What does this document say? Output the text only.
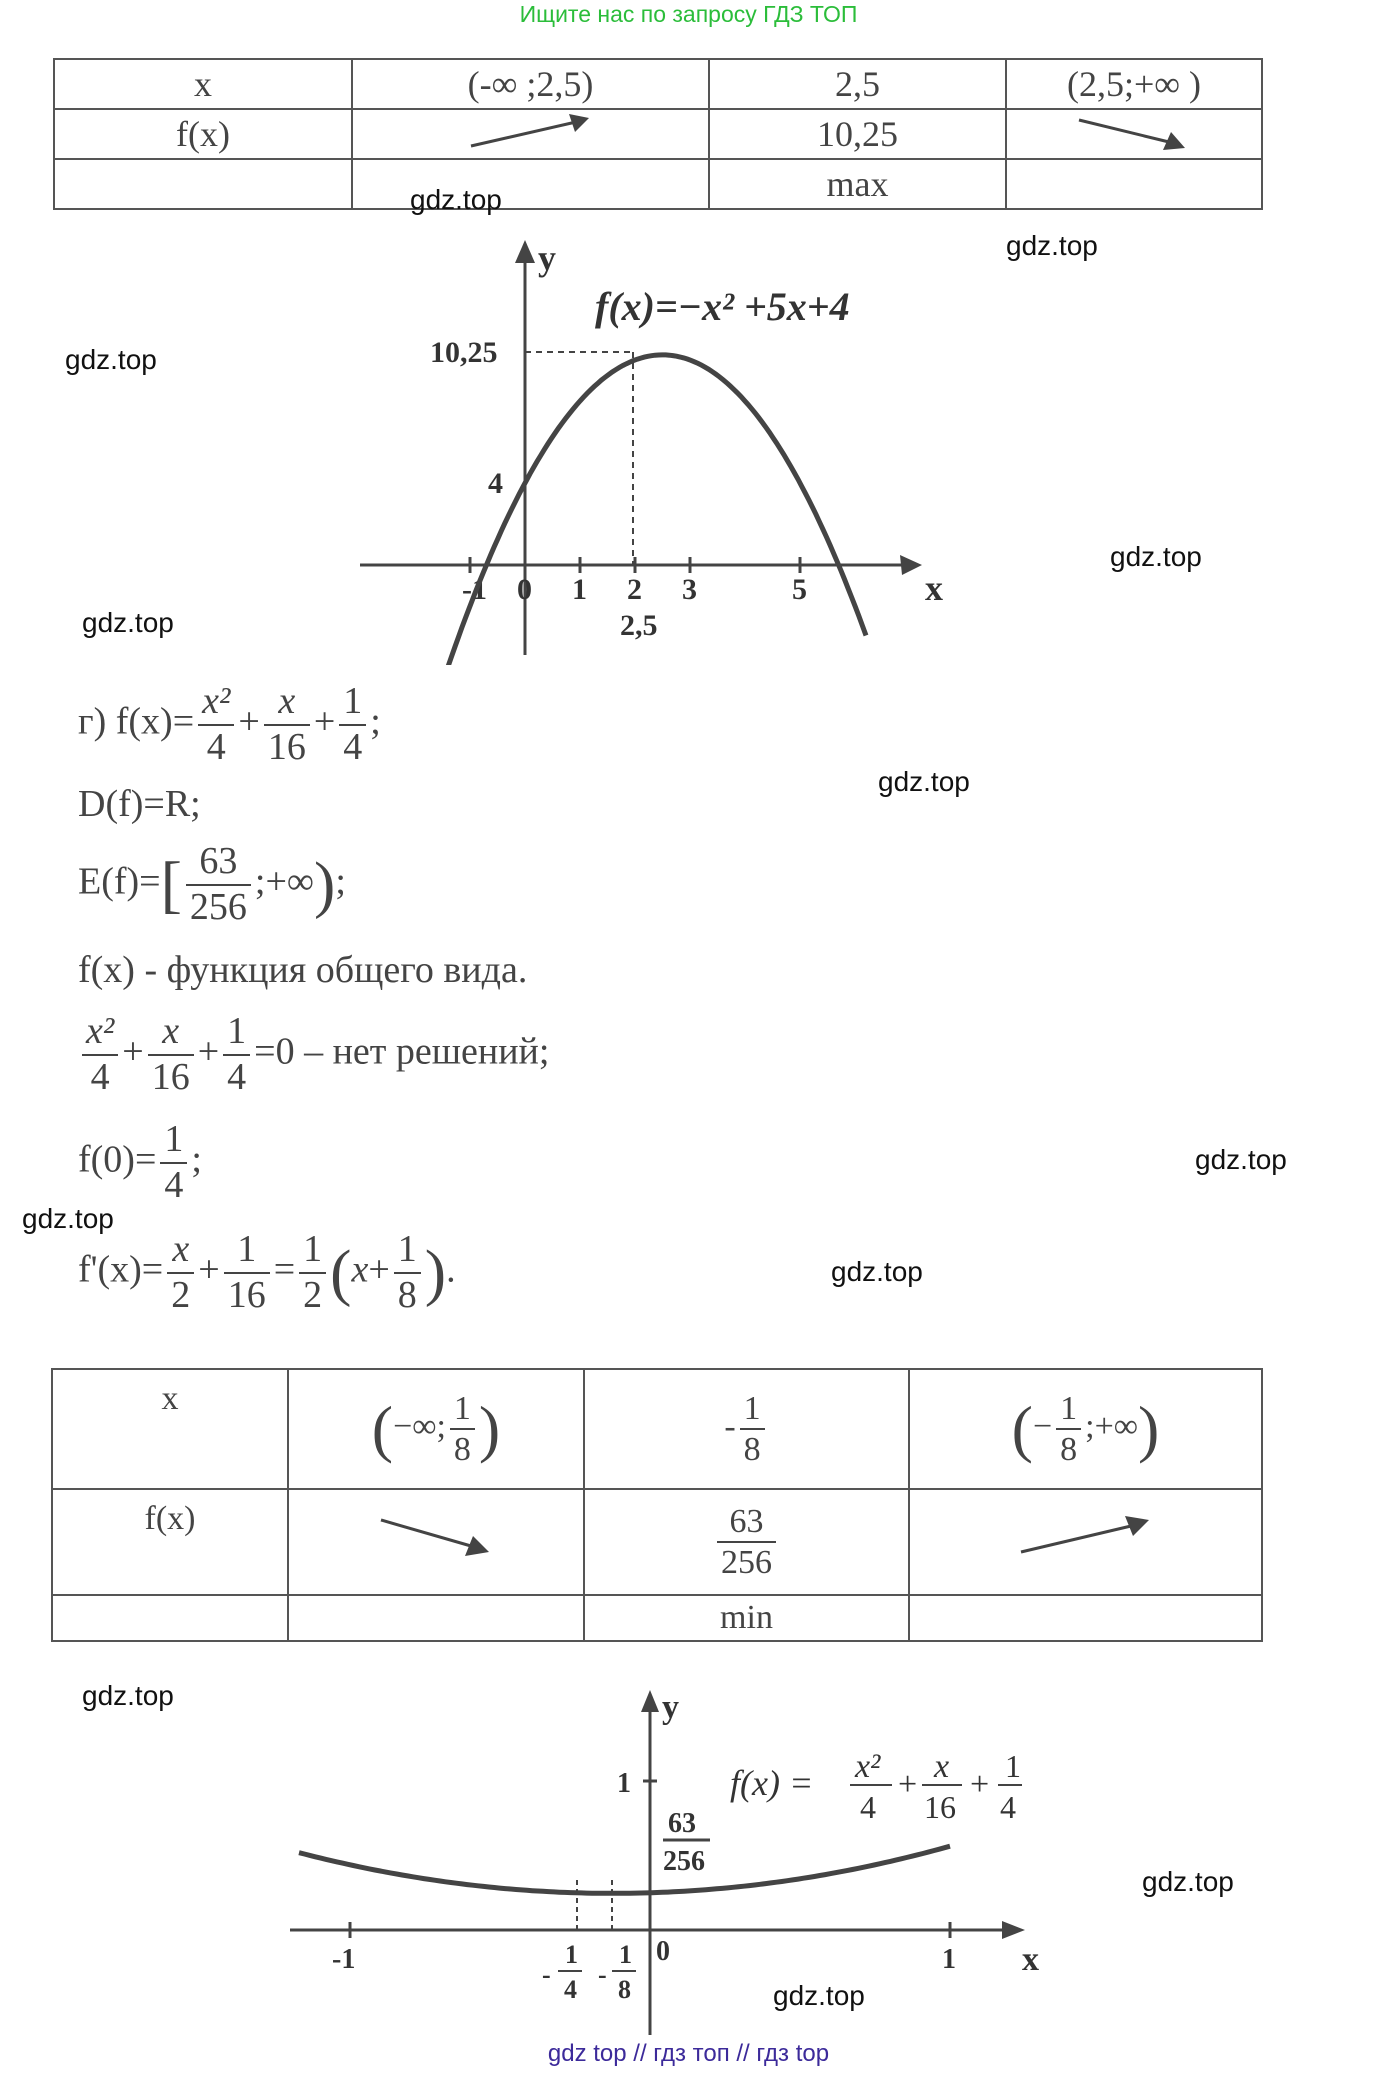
Ищите нас по запросу ГДЗ ТОП
x	(-∞ ;2,5)	2,5	(2,5;+∞ )
f(x)		10,25	
		max	
y
x
f(x)=−x² +5x+4
10,25
4
-1 0 1 2 3	5
2,5
г) $f(x)= \frac{\text{x²}}{4} + \frac{x}{16} + \frac{1}{4}$ ;
D(f)=R;
$E(f)=[ \frac{63}{256}$ ;+∞);
f(x) - функция общего вида.
$\frac{\text{x²}}{4} + \frac{x}{16} + \frac{1}{4} =0$ – нет решений;
$f(0)= \frac{1}{4}$ ;
$f'(x)= \frac{x}{2} + \frac{1}{16} = \frac{1}{2} (x+ \frac{1}{8}$ ).
x	(−∞; $\frac{1}{8}$ )	- $\frac{1}{8}$	(− $\frac{1}{8}$ ;+∞)
f(x)		$\frac{63}{256}$

		min	
y
x
1
-1	0	1
-
1
4
-
1
8
63
256
f(x) = x²
4
+ x
16
+ 1
4
gdz.top
gdz.top
gdz.top
gdz.top
gdz.top
gdz.top
gdz.top
gdz.top
gdz.top
gdz.top
gdz.top
gdz.top
gdz top // гдз топ // гдз top
